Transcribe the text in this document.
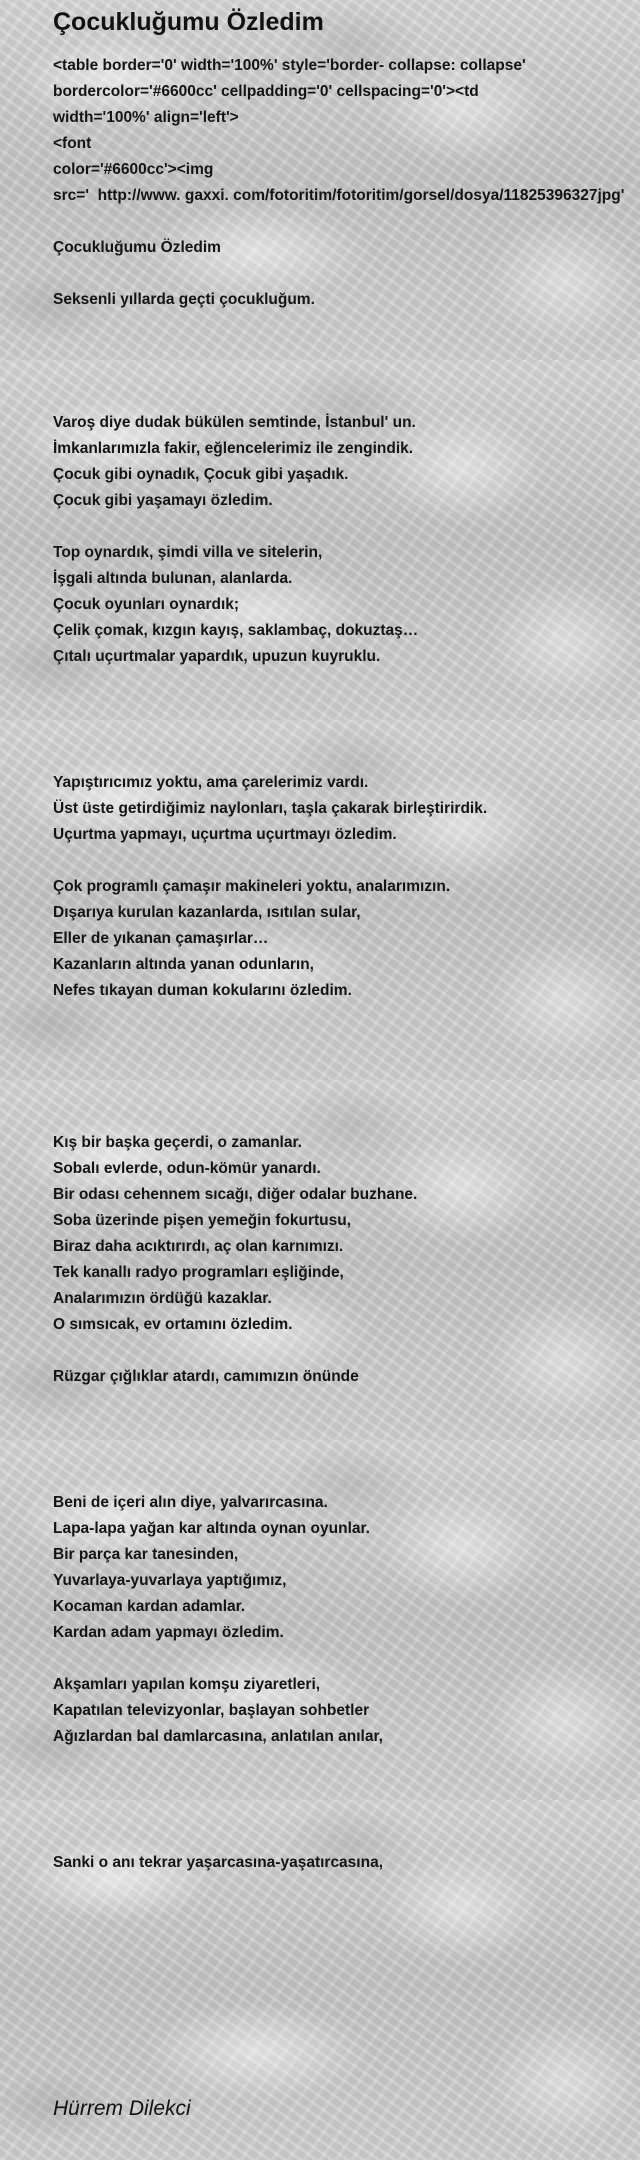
<table border='0' width='100%' style='border- collapse: collapse'
bordercolor='#6600cc' cellpadding='0' cellspacing='0'><td
width='100%' align='left'>
<font
color='#6600cc'><img
src='  http://www. gaxxi. com/fotoritim/fotoritim/gorsel/dosya/11825396327jpg'

Çocukluğumu Özledim

Seksenli yıllarda geçti çocukluğum.
Varoş diye dudak bükülen semtinde, İstanbul' un.
İmkanlarımızla fakir, eğlencelerimiz ile zengindik.
Çocuk gibi oynadık, Çocuk gibi yaşadık.
Çocuk gibi yaşamayı özledim.

Top oynardık, şimdi villa ve sitelerin,
İşgali altında bulunan, alanlarda.
Çocuk oyunları oynardık;
Çelik çomak, kızgın kayış, saklambaç, dokuztaş…
Çıtalı uçurtmalar yapardık, upuzun kuyruklu.
Yapıştırıcımız yoktu, ama çarelerimiz vardı.
Üst üste getirdiğimiz naylonları, taşla çakarak birleştirirdik.
Uçurtma yapmayı, uçurtma uçurtmayı özledim.

Çok programlı çamaşır makineleri yoktu, analarımızın.
Dışarıya kurulan kazanlarda, ısıtılan sular,
Eller de yıkanan çamaşırlar…
Kazanların altında yanan odunların,
Nefes tıkayan duman kokularını özledim.
Kış bir başka geçerdi, o zamanlar.
Sobalı evlerde, odun-kömür yanardı.
Bir odası cehennem sıcağı, diğer odalar buzhane.
Soba üzerinde pişen yemeğin fokurtusu,
Biraz daha acıktırırdı, aç olan karnımızı.
Tek kanallı radyo programları eşliğinde,
Analarımızın ördüğü kazaklar.
O sımsıcak, ev ortamını özledim.

Rüzgar çığlıklar atardı, camımızın önünde
Beni de içeri alın diye, yalvarırcasına.
Lapa-lapa yağan kar altında oynan oyunlar.
Bir parça kar tanesinden,
Yuvarlaya-yuvarlaya yaptığımız,
Kocaman kardan adamlar.
Kardan adam yapmayı özledim.

Akşamları yapılan komşu ziyaretleri,
Kapatılan televizyonlar, başlayan sohbetler
Ağızlardan bal damlarcasına, anlatılan anılar,
Sanki o anı tekrar yaşarcasına-yaşatırcasına,
Çocukluğumu Özledim
Hürrem Dilekci
